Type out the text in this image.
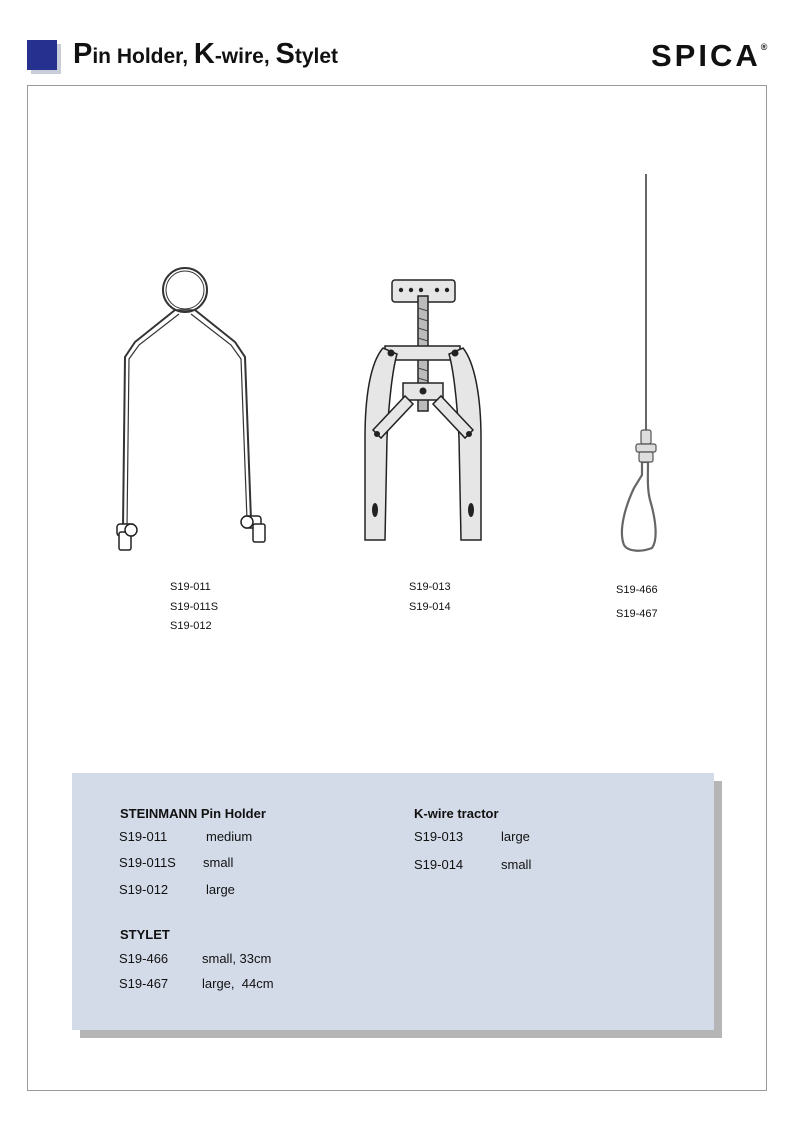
Pin Holder, K-wire, Stylet	SPICA®
S19-011
S19-011S
S19-012
S19-013
S19-014
S19-466
S19-467
STEINMANN Pin Holder
S19-011	medium
S19-011S small
S19-012	large
STYLET
S19-466	small, 33cm
S19-467	large,  44cm
K-wire tractor
S19-013	large
S19-014	small
